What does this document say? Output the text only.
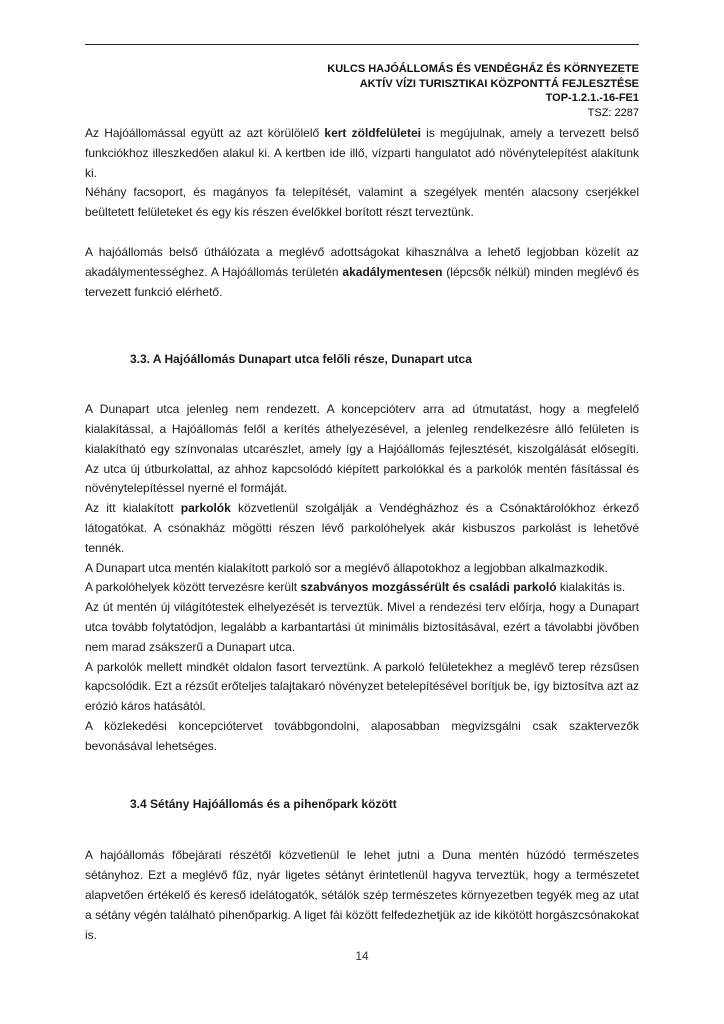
KULCS HAJÓÁLLOMÁS ÉS VENDÉGHÁZ ÉS KÖRNYEZETE
AKTÍV VÍZI TURISZTIKAI KÖZPONTTÁ FEJLESZTÉSE
TOP-1.2.1.-16-FE1
TSZ: 2287

Az Hajóállomással együtt az azt körülölelő kert zöldfelületei is megújulnak, amely a tervezett belső funkciókhoz illeszkedően alakul ki. A kertben ide illő, vízparti hangulatot adó növénytelepítést alakítunk ki.

Néhány facsoport, és magányos fa telepítését, valamint a szegélyek mentén alacsony cserjékkel beültetett felületeket és egy kis részen évelőkkel borított részt terveztünk.

A hajóállomás belső úthálózata a meglévő adottságokat kihasználva a lehető legjobban közelít az akadálymentességhez. A Hajóállomás területén akadálymentesen (lépcsők nélkül) minden meglévő és tervezett funkció elérhető.

3.3. A Hajóállomás Dunapart utca felőli része, Dunapart utca

A Dunapart utca jelenleg nem rendezett. A koncepcióterv arra ad útmutatást, hogy a megfelelő kialakítással, a Hajóállomás felől a kerítés áthelyezésével, a jelenleg rendelkezésre álló felületen is kialakítható egy színvonalas utcarészlet, amely így a Hajóállomás fejlesztését, kiszolgálását elősegíti. Az utca új útburkolattal, az ahhoz kapcsolódó kiépített parkolókkal és a parkolók mentén fásítással és növénytelepítéssel nyerné el formáját.

Az itt kialakított parkolók közvetlenül szolgálják a Vendégházhoz és a Csónaktárolókhoz érkező látogatókat. A csónakház mögötti részen lévő parkolóhelyek akár kisbuszos parkolást is lehetővé tennék.

A Dunapart utca mentén kialakított parkoló sor a meglévő állapotokhoz a legjobban alkalmazkodik.

A parkolóhelyek között tervezésre került szabványos mozgássérült és családi parkoló kialakítás is.

Az út mentén új világítótestek elhelyezését is terveztük. Mivel a rendezési terv előírja, hogy a Dunapart utca tovább folytatódjon, legalább a karbantartási út minimális biztosításával, ezért a távolabbi jövőben nem marad zsákszerű a Dunapart utca.

A parkolók mellett mindkét oldalon fasort terveztünk. A parkoló felületekhez a meglévő terep rézsűsen kapcsolódik. Ezt a rézsűt erőteljes talajtakaró növényzet betelepítésével borítjuk be, így biztosítva azt az erózió káros hatásától.

A közlekedési koncepciótervet továbbgondolni, alaposabban megvizsgálni csak szaktervezők bevonásával lehetséges.

3.4 Sétány Hajóállomás és a pihenőpark között

A hajóállomás főbejárati részétől közvetlenül le lehet jutni a Duna mentén húzódó természetes sétányhoz. Ezt a meglévő fűz, nyár ligetes sétányt érintetlenül hagyva terveztük, hogy a természetet alapvetően értékelő és kereső idelátogatók, sétálók szép természetes környezetben tegyék meg az utat a sétány végén található pihenőparkig. A liget fái között felfedezhetjük az ide kikötött horgászcsónakokat is.

14
